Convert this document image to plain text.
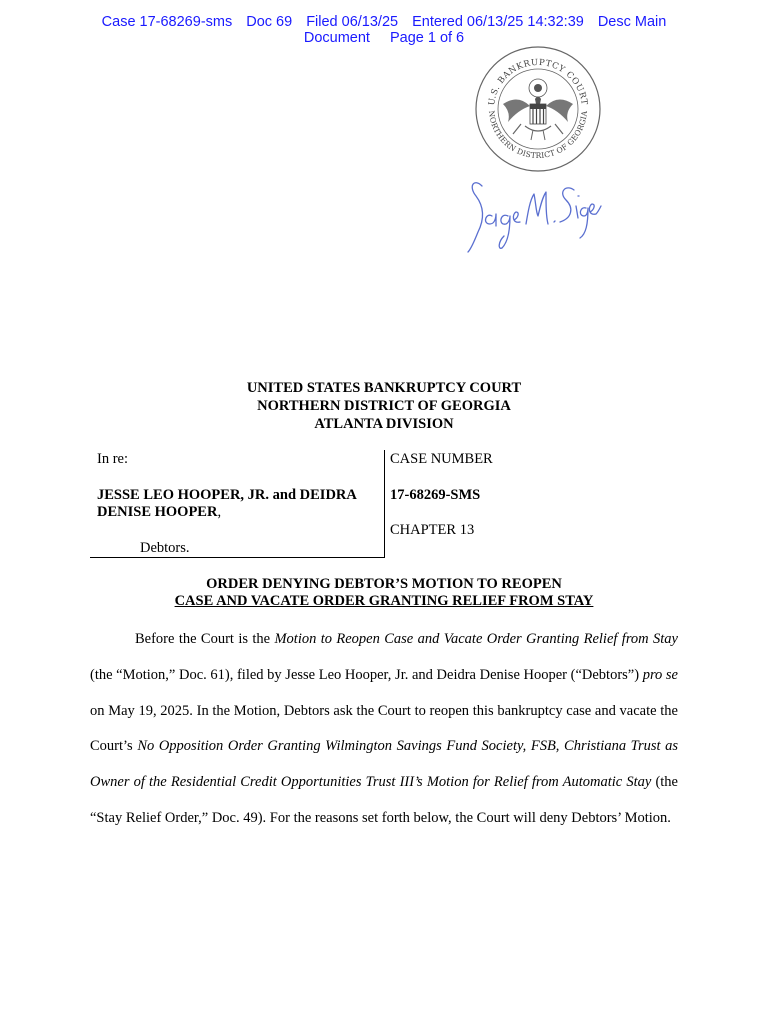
Case 17-68269-sms Doc 69 Filed 06/13/25 Entered 06/13/25 14:32:39 Desc Main
Document Page 1 of 6
U.S. BANKRUPTCY COURT
NORTHERN DISTRICT OF GEORGIA
UNITED STATES BANKRUPTCY COURT
NORTHERN DISTRICT OF GEORGIA
ATLANTA DIVISION
In re:
JESSE LEO HOOPER, JR. and DEIDRA DENISE HOOPER,
Debtors.
CASE NUMBER
17-68269-SMS
CHAPTER 13
ORDER DENYING DEBTOR’S MOTION TO REOPEN
CASE AND VACATE ORDER GRANTING RELIEF FROM STAY
Before the Court is the Motion to Reopen Case and Vacate Order Granting Relief from Stay (the “Motion,” Doc. 61), filed by Jesse Leo Hooper, Jr. and Deidra Denise Hooper (“Debtors”) pro se on May 19, 2025. In the Motion, Debtors ask the Court to reopen this bankruptcy case and vacate the Court’s No Opposition Order Granting Wilmington Savings Fund Society, FSB, Christiana Trust as Owner of the Residential Credit Opportunities Trust III’s Motion for Relief from Automatic Stay (the “Stay Relief Order,” Doc. 49). For the reasons set forth below, the Court will deny Debtors’ Motion.
